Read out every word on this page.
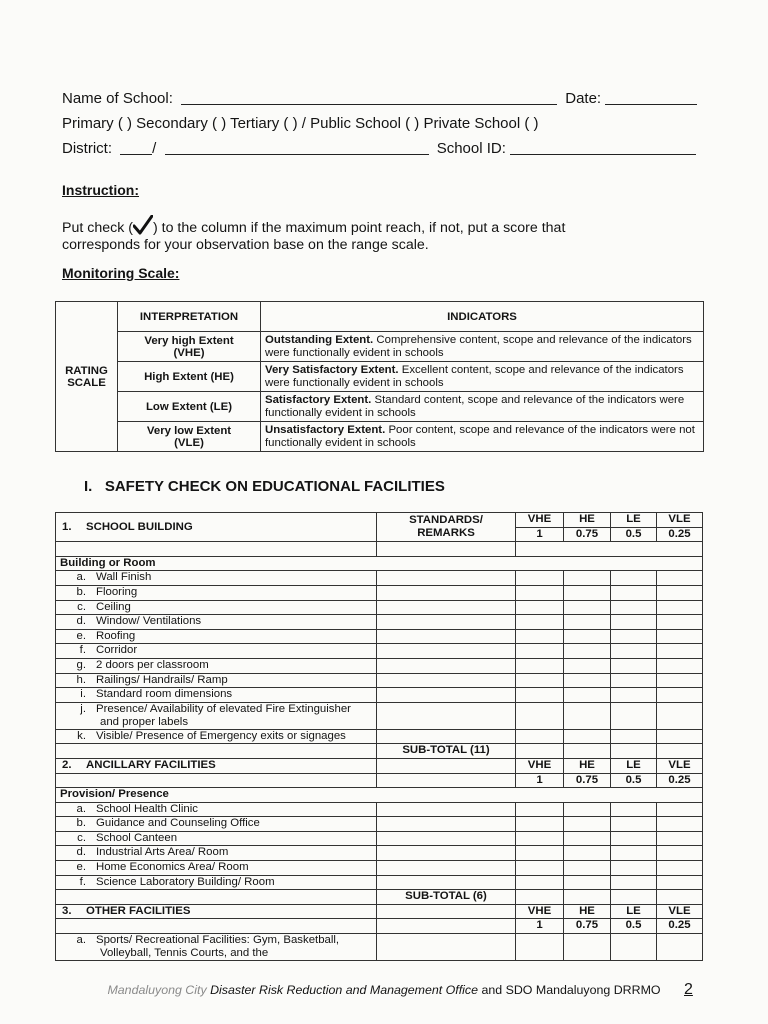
Name of School:	Date:
Primary ( ) Secondary ( ) Tertiary ( ) / Public School ( ) Private School ( )
District:	/	School ID:
Instruction:
Put check ( ) to the column if the maximum point reach, if not, put a score that
corresponds for your observation base on the range scale.
Monitoring Scale:
RATING
SCALE	INTERPRETATION	INDICATORS
	Very high Extent
(VHE)	Outstanding Extent. Comprehensive content, scope and relevance of the indicators were functionally evident in schools
	High Extent (HE)	Very Satisfactory Extent. Excellent content, scope and relevance of the indicators were functionally evident in schools
	Low Extent (LE)	Satisfactory Extent. Standard content, scope and relevance of the indicators were functionally evident in schools
	Very low Extent
(VLE)	Unsatisfactory Extent. Poor content, scope and relevance of the indicators were not functionally evident in schools
I.   SAFETY CHECK ON EDUCATIONAL FACILITIES
1. SCHOOL BUILDING	STANDARDS/
REMARKS	VHE	HE	LE	VLE
		1	0.75	0.5	0.25

Building or Room					
a. Wall Finish					
b. Flooring					
c. Ceiling					
d. Window/ Ventilations					
e. Roofing					
f. Corridor					
g. 2 doors per classroom					
h. Railings/ Handrails/ Ramp					
i. Standard room dimensions					

j. Presence/ Availability of elevated Fire Extinguisher and proper labels					

k. Visible/ Presence of Emergency exits or signages					

	SUB-TOTAL (11)				
2. ANCILLARY FACILITIES		VHE	HE	LE	VLE
		1	0.75	0.5	0.25
Provision/ Presence					
a. School Health Clinic					
b. Guidance and Counseling Office					
c. School Canteen					
d. Industrial Arts Area/ Room					
e. Home Economics Area/ Room					
f. Science Laboratory Building/ Room					
	SUB-TOTAL (6)				
3. OTHER FACILITIES		VHE	HE	LE	VLE
		1	0.75	0.5	0.25

a. Sports/ Recreational Facilities: Gym, Basketball, Volleyball, Tennis Courts, and the					

Mandaluyong City Disaster Risk Reduction and Management Office and SDO Mandaluyong DRRMO	2
